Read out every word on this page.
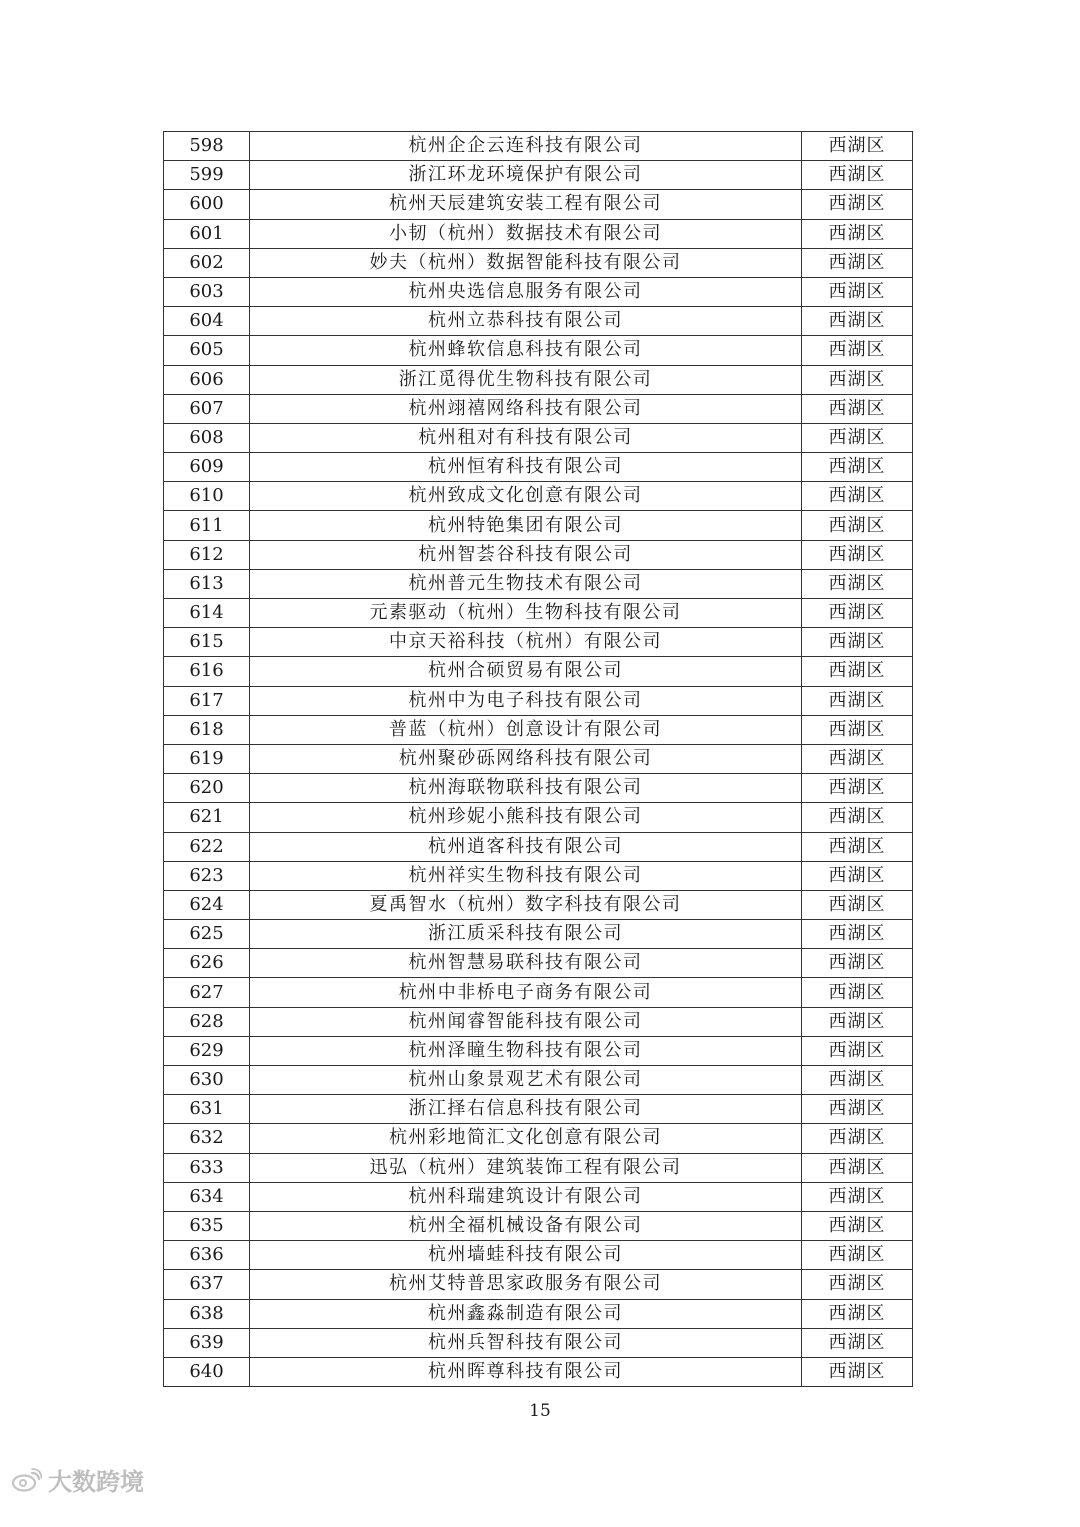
598	杭州企企云连科技有限公司	西湖区
599	浙江环龙环境保护有限公司	西湖区
600	杭州天辰建筑安装工程有限公司	西湖区
601	小韧（杭州）数据技术有限公司	西湖区
602	妙夫（杭州）数据智能科技有限公司	西湖区
603	杭州央选信息服务有限公司	西湖区
604	杭州立恭科技有限公司	西湖区
605	杭州蜂软信息科技有限公司	西湖区
606	浙江觅得优生物科技有限公司	西湖区
607	杭州翊禧网络科技有限公司	西湖区
608	杭州租对有科技有限公司	西湖区
609	杭州恒宥科技有限公司	西湖区
610	杭州致成文化创意有限公司	西湖区
611	杭州特铯集团有限公司	西湖区
612	杭州智荟谷科技有限公司	西湖区
613	杭州普元生物技术有限公司	西湖区
614	元素驱动（杭州）生物科技有限公司	西湖区
615	中京天裕科技（杭州）有限公司	西湖区
616	杭州合硕贸易有限公司	西湖区
617	杭州中为电子科技有限公司	西湖区
618	普蓝（杭州）创意设计有限公司	西湖区
619	杭州聚砂砾网络科技有限公司	西湖区
620	杭州海联物联科技有限公司	西湖区
621	杭州珍妮小熊科技有限公司	西湖区
622	杭州逍客科技有限公司	西湖区
623	杭州祥实生物科技有限公司	西湖区
624	夏禹智水（杭州）数字科技有限公司	西湖区
625	浙江质采科技有限公司	西湖区
626	杭州智慧易联科技有限公司	西湖区
627	杭州中非桥电子商务有限公司	西湖区
628	杭州闻睿智能科技有限公司	西湖区
629	杭州泽瞳生物科技有限公司	西湖区
630	杭州山象景观艺术有限公司	西湖区
631	浙江择右信息科技有限公司	西湖区
632	杭州彩地简汇文化创意有限公司	西湖区
633	迅弘（杭州）建筑装饰工程有限公司	西湖区
634	杭州科瑞建筑设计有限公司	西湖区
635	杭州全福机械设备有限公司	西湖区
636	杭州墙蛙科技有限公司	西湖区
637	杭州艾特普思家政服务有限公司	西湖区
638	杭州鑫淼制造有限公司	西湖区
639	杭州兵智科技有限公司	西湖区
640	杭州晖尊科技有限公司	西湖区
15
大数跨境
